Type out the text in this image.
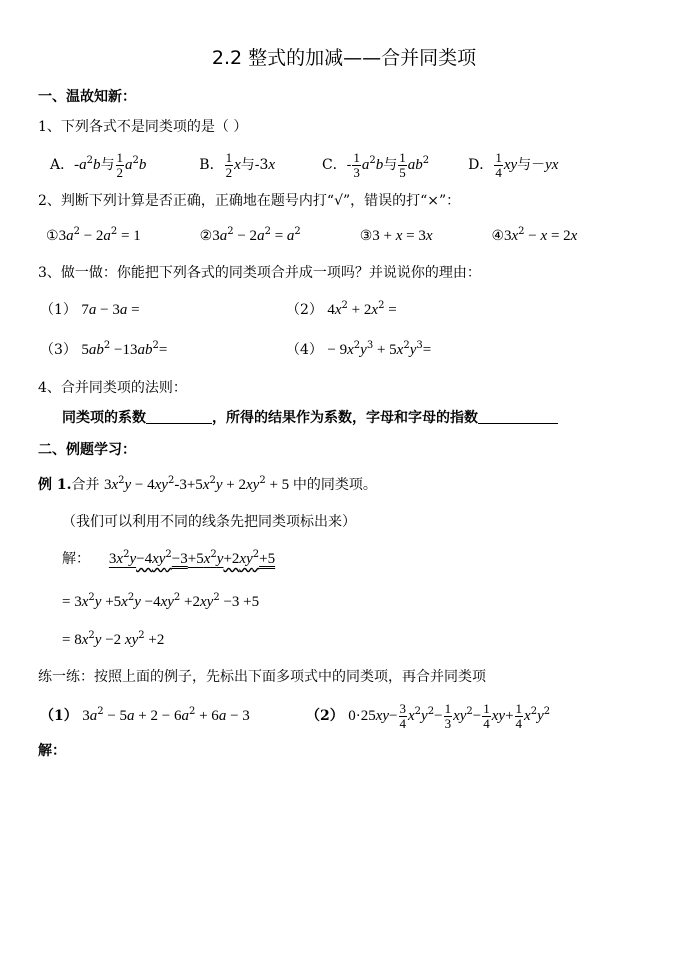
2.2 整式的加减——合并同类项
一、温故知新：
1、下列各式不是同类项的是（ ）
A．$-a^2b$与 $\frac{1}{2} a^2b$	B． $\frac{1}{2}$ x与-3x	C．- $\frac{1}{3} a^2b$与 $\frac{1}{5} ab^2$	D． $\frac{1}{4}$ xy与－yx
2、判断下列计算是否正确，正确地在题号内打“√”，错误的打“×”：
$①3a^2 - 2a^2 = 1$	$②3a^2 - 2a^2 = a^2$	③3 + x = 3x	$④3x^2 - x = 2x$
3、做一做：你能把下列各式的同类项合并成一项吗？并说说你的理由：
（1） 7a − 3a =	（2） $4x^2 + 2x^2$ =
（3） $5ab^2 -13ab^2=$	$(4) - 9x^2y^3 + 5x^2y^3=$
4、合并同类项的法则：
同类项的系数	，所得的结果作为系数，字母和字母的指数
二、例题学习：
例 1.合并 $3x^2y - 4xy^2-3+5x^2y + 2xy^2 + 5$ 中的同类项。
（我们可以利用不同的线条先把同类项标出来）
解： $3x^2y-4xy^2-3+5x^2y+2xy^2+5$
= $3x^2y +5x^2y -4xy^2 +2xy^2 -3 +5$
= $8x^2y -2$ $xy^2 +2$
练一练：按照上面的例子，先标出下面多项式中的同类项，再合并同类项
（1） $3a^2 - 5a + 2 - 6a^2 + 6a - 3$	（2） $0\cdot 25xy- \frac{3}{4} x^2y^2- \frac{1}{3} xy^2- \frac{1}{4} xy+ \frac{1}{4} x^2y^2$
解：
